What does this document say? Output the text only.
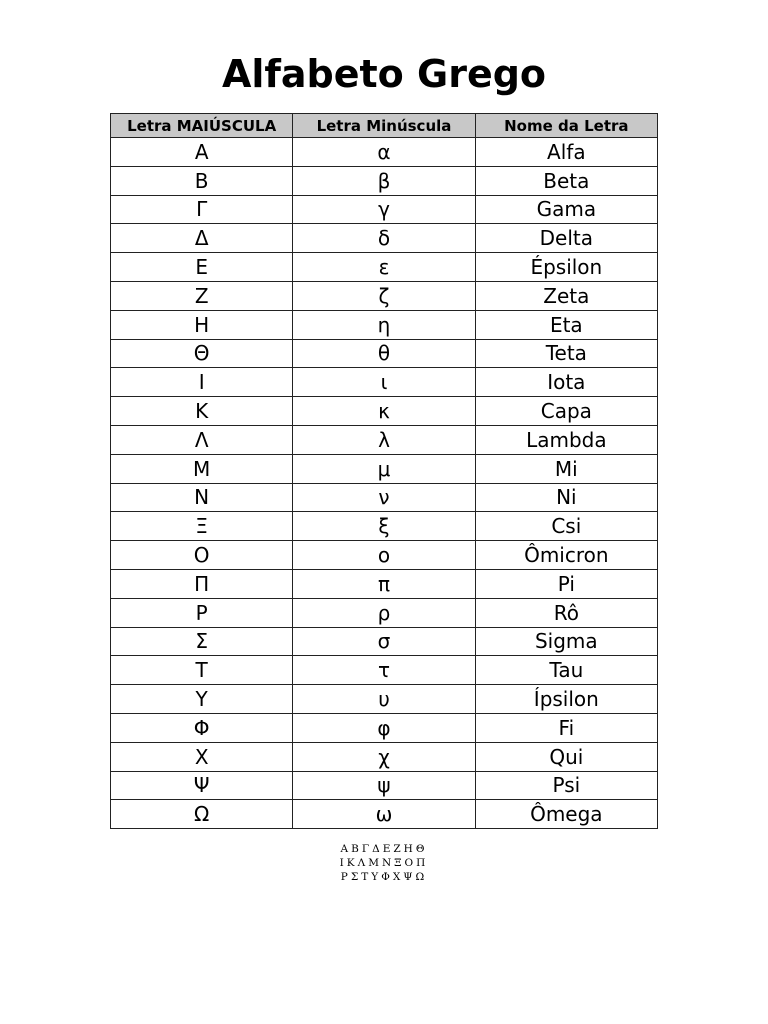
Alfabeto Grego
Letra MAIÚSCULA	Letra Minúscula	Nome da Letra
Α	α	Alfa
Β	β	Beta
Γ	γ	Gama
Δ	δ	Delta
Ε	ε	Épsilon
Ζ	ζ	Zeta
Η	η	Eta
Θ	θ	Teta
Ι	ι	Iota
Κ	κ	Capa
Λ	λ	Lambda
Μ	μ	Mi
Ν	ν	Ni
Ξ	ξ	Csi
Ο	ο	Ômicron
Π	π	Pi
Ρ	ρ	Rô
Σ	σ	Sigma
Τ	τ	Tau
Υ	υ	Ípsilon
Φ	φ	Fi
Χ	χ	Qui
Ψ	ψ	Psi
Ω	ω	Ômega
ΑΒΓΔΕΖΗΘ
ΙΚΛΜΝΞΟΠ
ΡΣΤΥΦΧΨΩ
